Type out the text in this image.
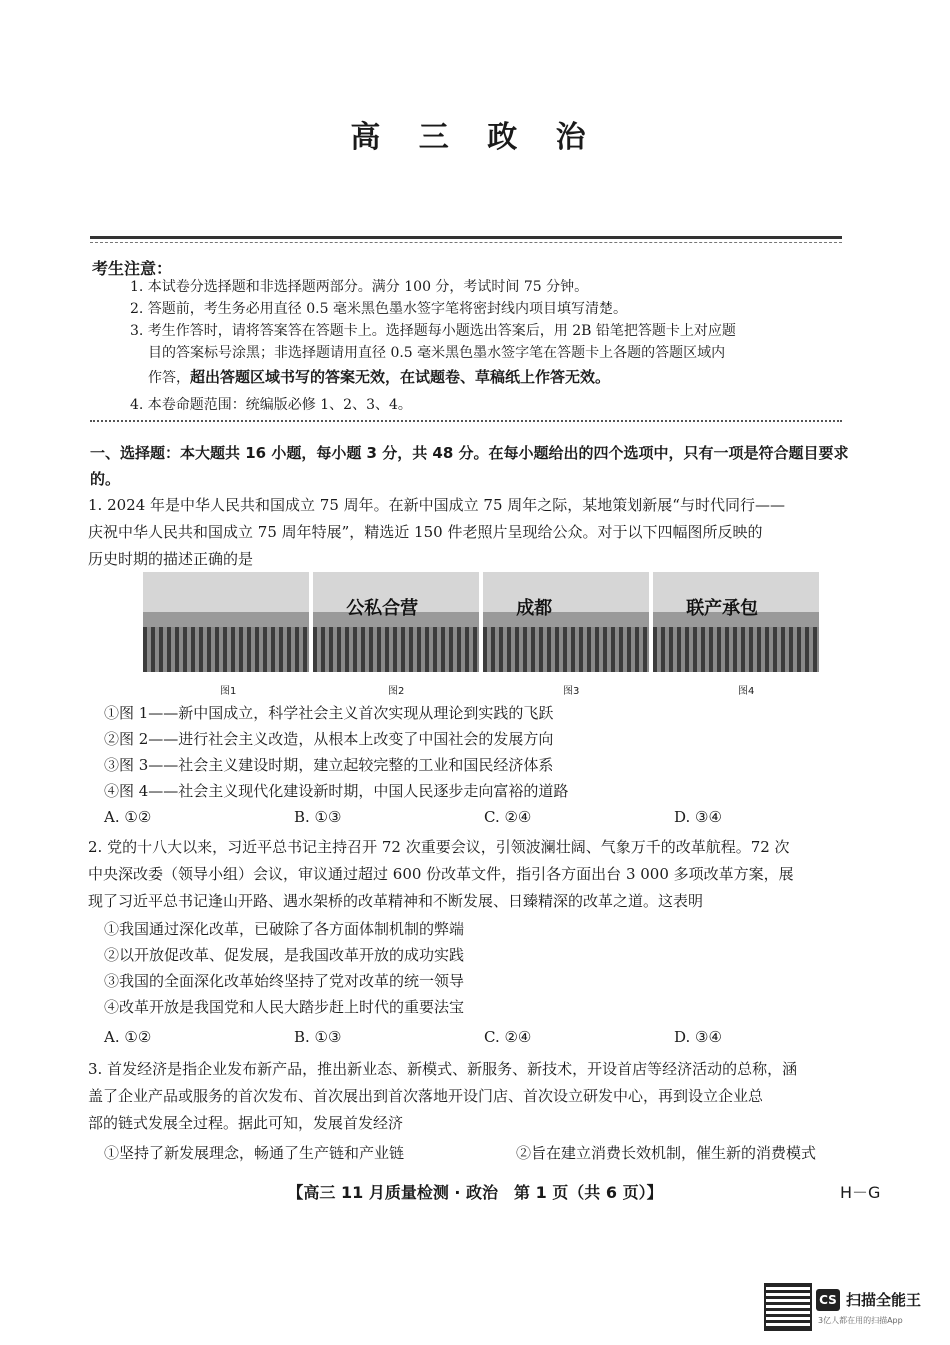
高 三 政 治
考生注意：
1. 本试卷分选择题和非选择题两部分。满分 100 分，考试时间 75 分钟。
2. 答题前，考生务必用直径 0.5 毫米黑色墨水签字笔将密封线内项目填写清楚。
3. 考生作答时，请将答案答在答题卡上。选择题每小题选出答案后，用 2B 铅笔把答题卡上对应题
目的答案标号涂黑；非选择题请用直径 0.5 毫米黑色墨水签字笔在答题卡上各题的答题区域内
作答，超出答题区域书写的答案无效，在试题卷、草稿纸上作答无效。
4. 本卷命题范围：统编版必修 1、2、3、4。
一、选择题：本大题共 16 小题，每小题 3 分，共 48 分。在每小题给出的四个选项中，只有一项是符合题目要求的。
1. 2024 年是中华人民共和国成立 75 周年。在新中国成立 75 周年之际，某地策划新展“与时代同行——
庆祝中华人民共和国成立 75 周年特展”，精选近 150 件老照片呈现给公众。对于以下四幅图所反映的
历史时期的描述正确的是
公私合营	成都	联产承包
图1	图2	图3	图4
①图 1——新中国成立，科学社会主义首次实现从理论到实践的飞跃
②图 2——进行社会主义改造，从根本上改变了中国社会的发展方向
③图 3——社会主义建设时期，建立起较完整的工业和国民经济体系
④图 4——社会主义现代化建设新时期，中国人民逐步走向富裕的道路
A. ①②	B. ①③	C. ②④	D. ③④
2. 党的十八大以来，习近平总书记主持召开 72 次重要会议，引领波澜壮阔、气象万千的改革航程。72 次
中央深改委（领导小组）会议，审议通过超过 600 份改革文件，指引各方面出台 3 000 多项改革方案，展
现了习近平总书记逢山开路、遇水架桥的改革精神和不断发展、日臻精深的改革之道。这表明
①我国通过深化改革，已破除了各方面体制机制的弊端
②以开放促改革、促发展，是我国改革开放的成功实践
③我国的全面深化改革始终坚持了党对改革的统一领导
④改革开放是我国党和人民大踏步赶上时代的重要法宝
A. ①②	B. ①③	C. ②④	D. ③④
3. 首发经济是指企业发布新产品，推出新业态、新模式、新服务、新技术，开设首店等经济活动的总称，涵
盖了企业产品或服务的首次发布、首次展出到首次落地开设门店、首次设立研发中心，再到设立企业总
部的链式发展全过程。据此可知，发展首发经济
①坚持了新发展理念，畅通了生产链和产业链	②旨在建立消费长效机制，催生新的消费模式
【高三 11 月质量检测 · 政治　第 1 页（共 6 页）】	H－G
CS 扫描全能王
3亿人都在用的扫描App
